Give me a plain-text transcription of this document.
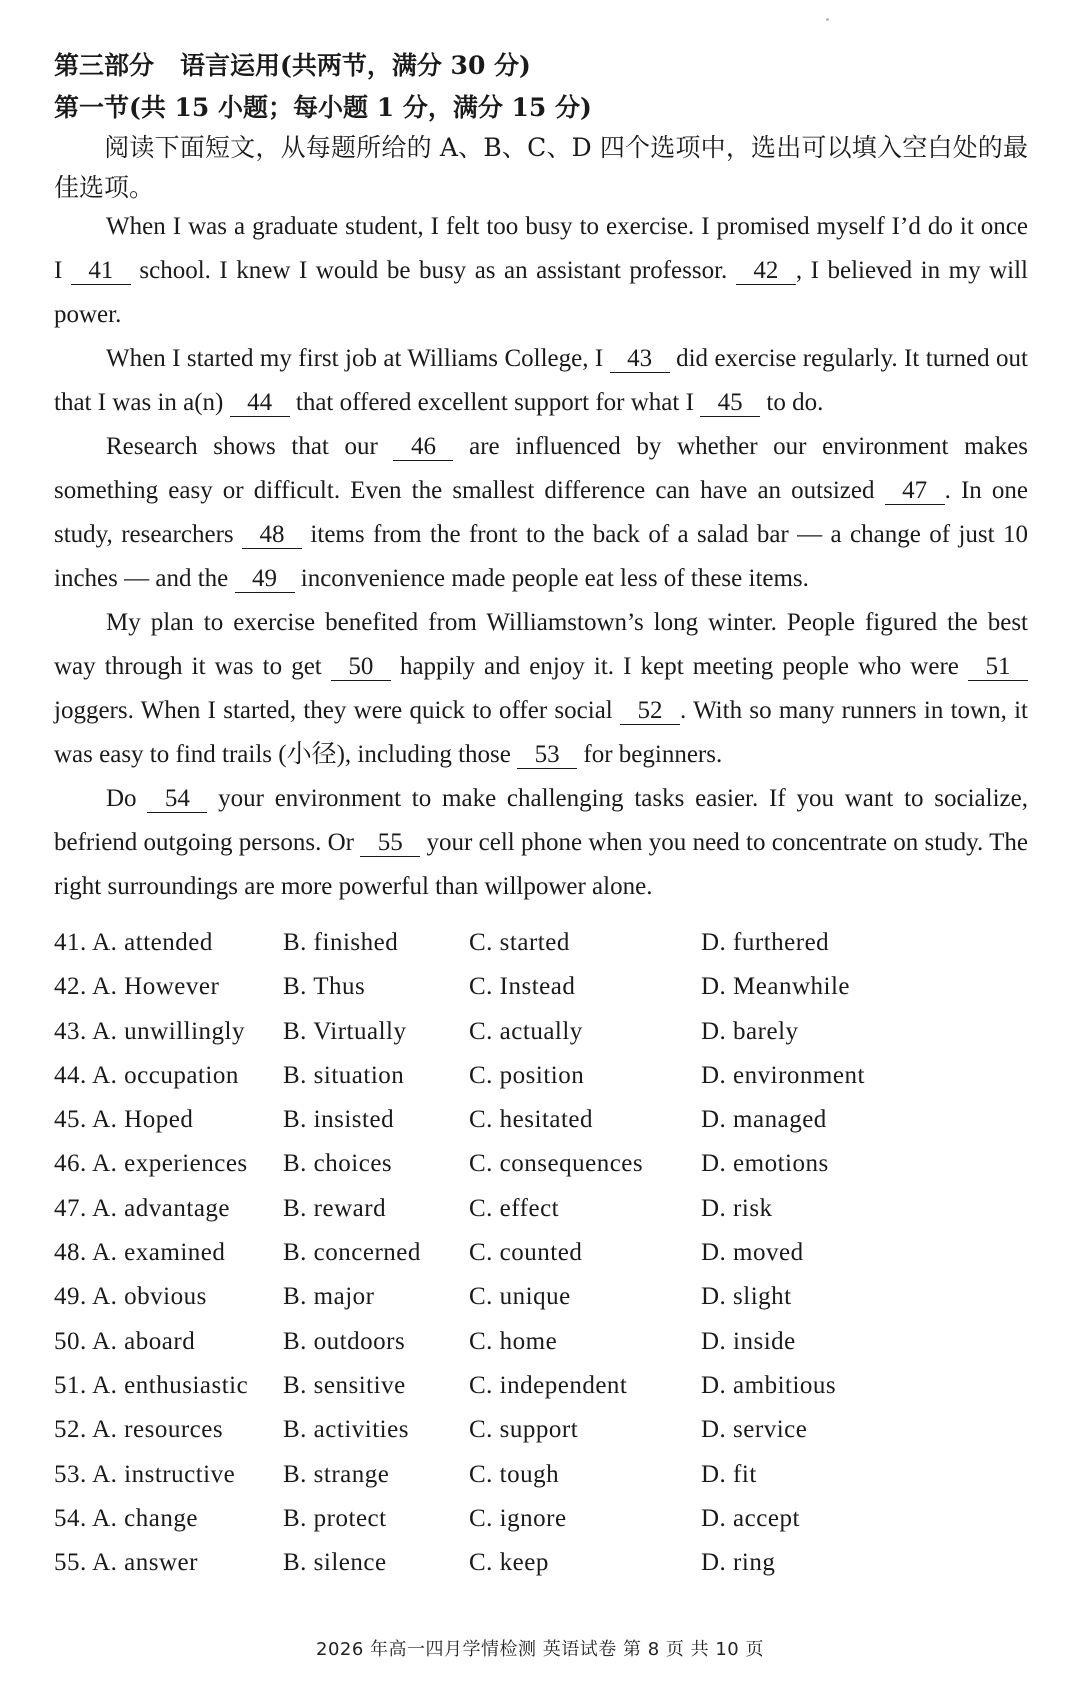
第三部分 语言运用(共两节，满分 30 分)
第一节(共 15 小题；每小题 1 分，满分 15 分)
阅读下面短文，从每题所给的 A、B、C、D 四个选项中，选出可以填入空白处的最佳选项。

When I was a graduate student, I felt too busy to exercise. I promised myself I’d do it once I 41 school. I knew I would be busy as an assistant professor. 42 , I believed in my will power.

When I started my first job at Williams College, I 43 did exercise regularly. It turned out that I was in a(n) 44 that offered excellent support for what I 45 to do.

Research shows that our 46 are influenced by whether our environment makes something easy or difficult. Even the smallest difference can have an outsized 47 . In one study, researchers 48 items from the front to the back of a salad bar — a change of just 10 inches — and the 49 inconvenience made people eat less of these items.

My plan to exercise benefited from Williamstown’s long winter. People figured the best way through it was to get 50 happily and enjoy it. I kept meeting people who were 51 joggers. When I started, they were quick to offer social 52 . With so many runners in town, it was easy to find trails (小径), including those 53 for beginners.

Do 54 your environment to make challenging tasks easier. If you want to socialize, befriend outgoing persons. Or 55 your cell phone when you need to concentrate on study. The right surroundings are more powerful than willpower alone.

41. A. attended	B. finished	C. started	D. furthered
42. A. However	B. Thus	C. Instead	D. Meanwhile
43. A. unwillingly B. Virtually	C. actually	D. barely
44. A. occupation B. situation	C. position	D. environment
45. A. Hoped	B. insisted	C. hesitated	D. managed
46. A. experiences B. choices	C. consequences D. emotions
47. A. advantage B. reward	C. effect	D. risk
48. A. examined B. concerned C. counted	D. moved
49. A. obvious	B. major	C. unique	D. slight
50. A. aboard	B. outdoors	C. home	D. inside
51. A. enthusiastic B. sensitive	C. independent	D. ambitious
52. A. resources B. activities C. support	D. service
53. A. instructive B. strange	C. tough	D. fit
54. A. change	B. protect	C. ignore	D. accept
55. A. answer	B. silence	C. keep	D. ring
2026 年高一四月学情检测 英语试卷 第 8 页 共 10 页
